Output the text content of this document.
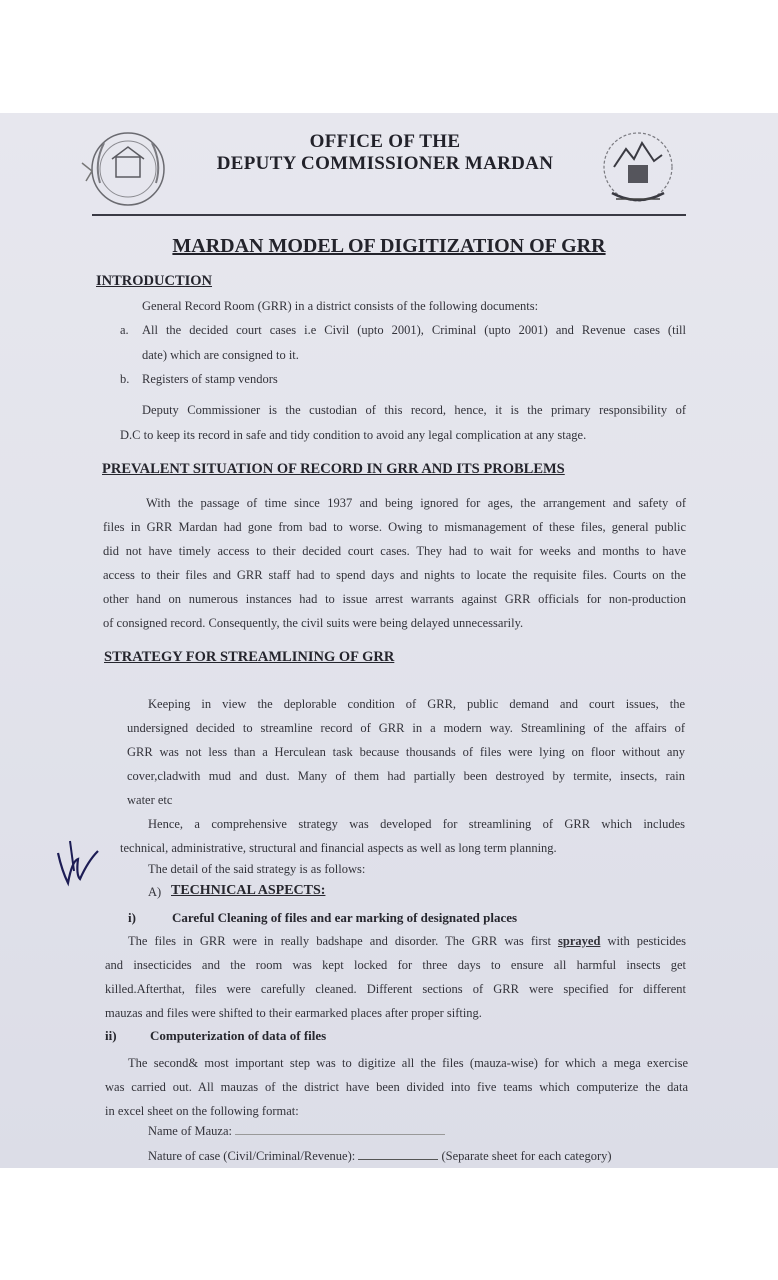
OFFICE OF THE
DEPUTY COMMISSIONER MARDAN
MARDAN MODEL OF DIGITIZATION OF GRR
INTRODUCTION
General Record Room (GRR) in a district consists of the following documents:
a. All the decided court cases i.e Civil (upto 2001), Criminal (upto 2001) and Revenue cases (till
date) which are consigned to it.
b. Registers of stamp vendors
Deputy Commissioner is the custodian of this record, hence, it is the primary responsibility of
D.C to keep its record in safe and tidy condition to avoid any legal complication at any stage.
PREVALENT SITUATION OF RECORD IN GRR AND ITS PROBLEMS
With the passage of time since 1937 and being ignored for ages, the arrangement and safety of
files in GRR Mardan had gone from bad to worse. Owing to mismanagement of these files, general public
did not have timely access to their decided court cases. They had to wait for weeks and months to have
access to their files and GRR staff had to spend days and nights to locate the requisite files. Courts on the
other hand on numerous instances had to issue arrest warrants against GRR officials for non-production
of consigned record. Consequently, the civil suits were being delayed unnecessarily.
STRATEGY FOR STREAMLINING OF GRR
Keeping in view the deplorable condition of GRR, public demand and court issues, the
undersigned decided to streamline record of GRR in a modern way. Streamlining of the affairs of
GRR was not less than a Herculean task because thousands of files were lying on floor without any
cover,cladwith mud and dust. Many of them had partially been destroyed by termite, insects, rain
water etc
Hence, a comprehensive strategy was developed for streamlining of GRR which includes
technical, administrative, structural and financial aspects as well as long term planning.
The detail of the said strategy is as follows:
A) TECHNICAL ASPECTS:
i)	Careful Cleaning of files and ear marking of designated places
The files in GRR were in really badshape and disorder. The GRR was first sprayed with pesticides
and insecticides and the room was kept locked for three days to ensure all harmful insects get
killed.Afterthat, files were carefully cleaned. Different sections of GRR were specified for different
mauzas and files were shifted to their earmarked places after proper sifting.
ii)	Computerization of data of files
The second& most important step was to digitize all the files (mauza-wise) for which a mega exercise
was carried out. All mauzas of the district have been divided into five teams which computerize the data
in excel sheet on the following format:
Name of Mauza:
Nature of case (Civil/Criminal/Revenue):	(Separate sheet for each category)
